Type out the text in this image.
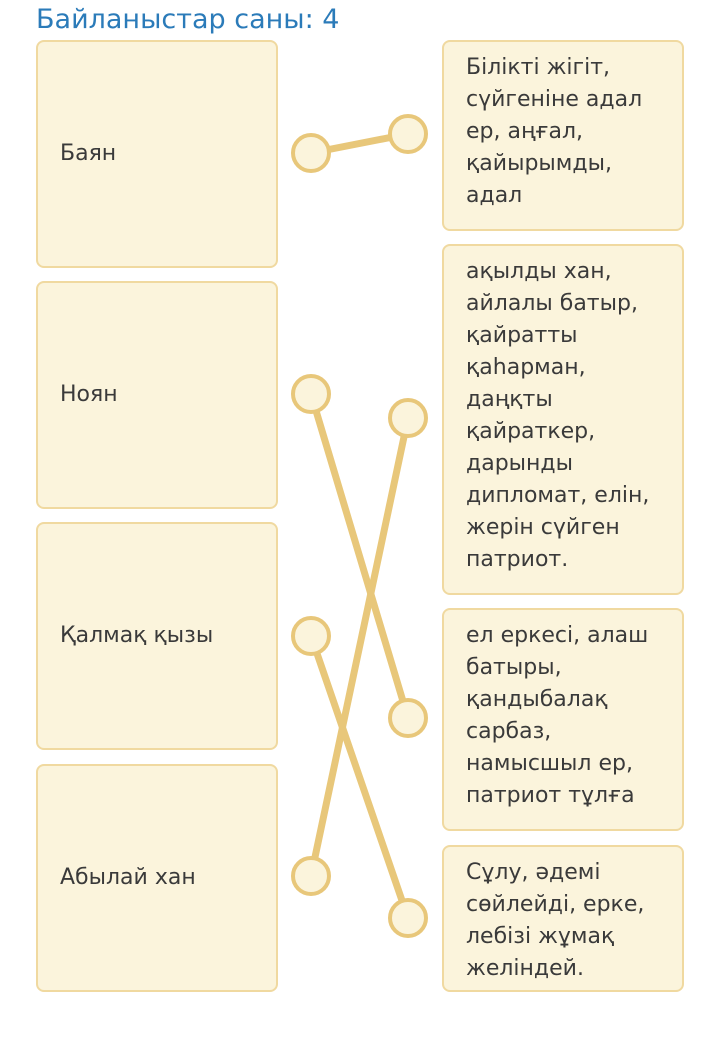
Байланыстар саны: 4
Баян
Ноян
Қалмақ қызы
Абылай хан
Білікті жігіт, сүйгеніне адал ер, аңғал, қайырымды, адал
ақылды хан, айлалы батыр, қайратты қаһарман, даңқты қайраткер, дарынды дипломат, елін, жерін сүйген патриот.
ел еркесі, алаш батыры, қандыбалақ сарбаз, намысшыл ер, патриот тұлға
Сұлу, әдемі сөйлейді, ерке, лебізі жұмақ желіндей.
